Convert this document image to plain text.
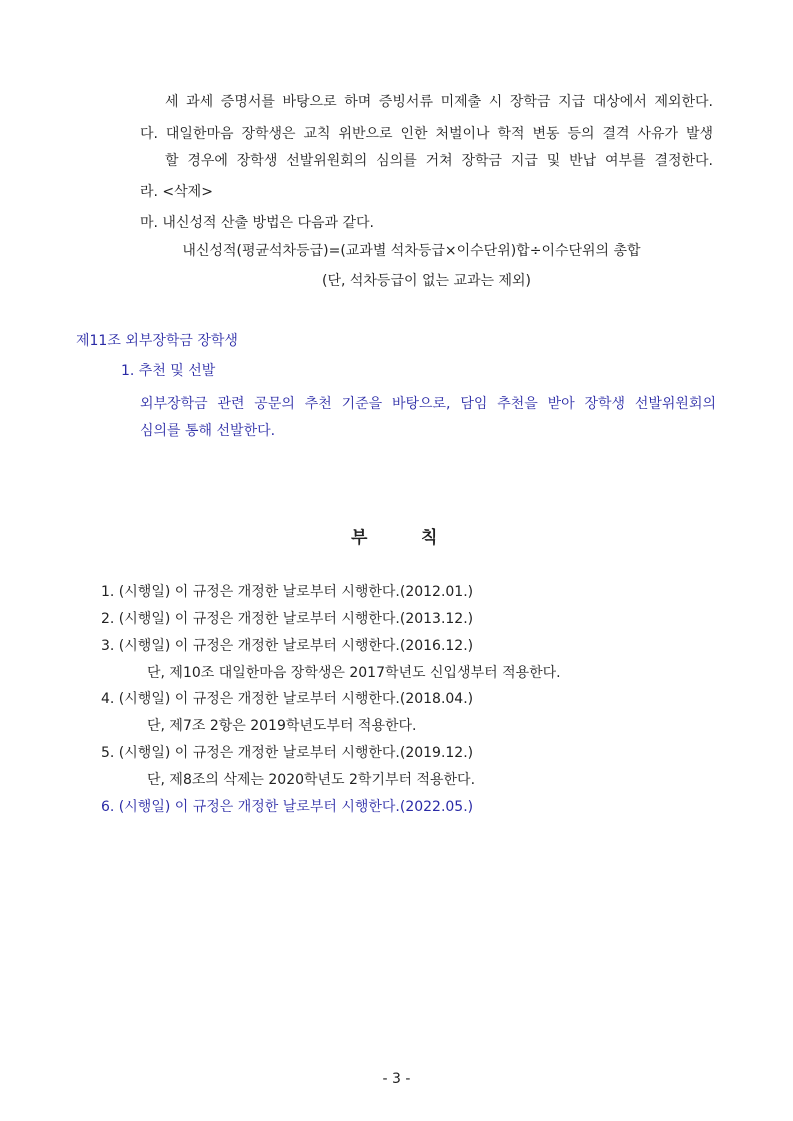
세 과세 증명서를 바탕으로 하며 증빙서류 미제출 시 장학금 지급 대상에서 제외한다.
다. 대일한마음 장학생은 교칙 위반으로 인한 처벌이나 학적 변동 등의 결격 사유가 발생
할 경우에 장학생 선발위원회의 심의를 거쳐 장학금 지급 및 반납 여부를 결정한다.
라. <삭제>
마. 내신성적 산출 방법은 다음과 같다.
내신성적(평균석차등급)=(교과별 석차등급×이수단위)합÷이수단위의 총합
(단, 석차등급이 없는 교과는 제외)
제11조 외부장학금 장학생
1. 추천 및 선발
외부장학금 관련 공문의 추천 기준을 바탕으로, 담임 추천을 받아 장학생 선발위원회의
심의를 통해 선발한다.
부	칙
1. (시행일) 이 규정은 개정한 날로부터 시행한다.(2012.01.)
2. (시행일) 이 규정은 개정한 날로부터 시행한다.(2013.12.)
3. (시행일) 이 규정은 개정한 날로부터 시행한다.(2016.12.)
단, 제10조 대일한마음 장학생은 2017학년도 신입생부터 적용한다.
4. (시행일) 이 규정은 개정한 날로부터 시행한다.(2018.04.)
단, 제7조 2항은 2019학년도부터 적용한다.
5. (시행일) 이 규정은 개정한 날로부터 시행한다.(2019.12.)
단, 제8조의 삭제는 2020학년도 2학기부터 적용한다.
6. (시행일) 이 규정은 개정한 날로부터 시행한다.(2022.05.)
- 3 -
